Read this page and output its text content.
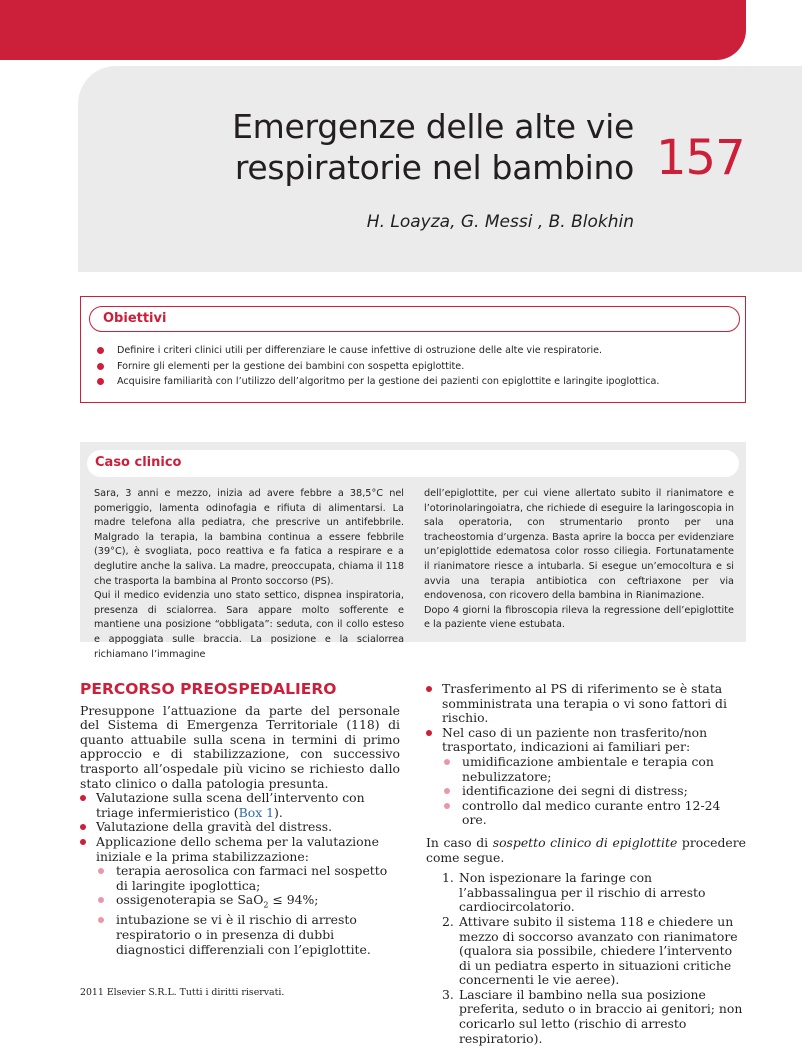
Emergenze delle alte vie
respiratorie nel bambino 157
H. Loayza, G. Messi , B. Blokhin
Obiettivi
Definire i criteri clinici utili per differenziare le cause infettive di ostruzione delle alte vie respiratorie.
Fornire gli elementi per la gestione dei bambini con sospetta epiglottite.
Acquisire familiarità con l’utilizzo dell’algoritmo per la gestione dei pazienti con epiglottite e laringite ipoglottica.
Caso clinico

Sara, 3 anni e mezzo, inizia ad avere febbre a 38,5°C nel pomeriggio, lamenta odinofagia e rifiuta di alimentarsi. La madre telefona alla pediatra, che prescrive un antifebbrile. Malgrado la terapia, la bambina continua a essere febbrile (39°C), è svogliata, poco reattiva e fa fatica a respirare e a deglutire anche la saliva. La madre, preoccupata, chiama il 118 che trasporta la bambina al Pronto soccorso (PS).

Qui il medico evidenzia uno stato settico, dispnea inspiratoria, presenza di scialorrea. Sara appare molto sofferente e mantiene una posizione “obbligata”: seduta, con il collo esteso e appoggiata sulle braccia. La posizione e la scialorrea richiamano l’immagine

dell’epiglottite, per cui viene allertato subito il rianimatore e l’otorinolaringoiatra, che richiede di eseguire la laringoscopia in sala operatoria, con strumentario pronto per una tracheostomia d’urgenza. Basta aprire la bocca per evidenziare un’epiglottide edematosa color rosso ciliegia. Fortunatamente il rianimatore riesce a intubarla. Si esegue un’emocoltura e si avvia una terapia antibiotica con ceftriaxone per via endovenosa, con ricovero della bambina in Rianimazione.

Dopo 4 giorni la fibroscopia rileva la regressione dell’epiglottite e la paziente viene estubata.

PERCORSO PREOSPEDALIERO

Presuppone l’attuazione da parte del personale del Sistema di Emergenza Territoriale (118) di quanto attuabile sulla scena in termini di primo approccio e di stabilizzazione, con successivo trasporto all’ospedale più vicino se richiesto dallo stato clinico o dalla patologia presunta.

Valutazione sulla scena dell’intervento con triage infermieristico (Box 1).
Valutazione della gravità del distress.
Applicazione dello schema per la valutazione iniziale e la prima stabilizzazione:
terapia aerosolica con farmaci nel sospetto di laringite ipoglottica;
ossigenoterapia se SaO$_2$ ≤ 94%;
intubazione se vi è il rischio di arresto respiratorio o in presenza di dubbi diagnostici differenziali con l’epiglottite.
Trasferimento al PS di riferimento se è stata somministrata una terapia o vi sono fattori di rischio.
Nel caso di un paziente non trasferito/non trasportato, indicazioni ai familiari per:
umidificazione ambientale e terapia con nebulizzatore;
identificazione dei segni di distress;
controllo dal medico curante entro 12-24 ore.

In caso di sospetto clinico di epiglottite procedere come segue.

1. Non ispezionare la faringe con l’abbassalingua per il rischio di arresto cardiocircolatorio.
2. Attivare subito il sistema 118 e chiedere un mezzo di soccorso avanzato con rianimatore (qualora sia possibile, chiedere l’intervento di un pediatra esperto in situazioni critiche concernenti le vie aeree).
3. Lasciare il bambino nella sua posizione preferita, seduto o in braccio ai genitori; non coricarlo sul letto (rischio di arresto respiratorio).
2011 Elsevier S.R.L. Tutti i diritti riservati.
